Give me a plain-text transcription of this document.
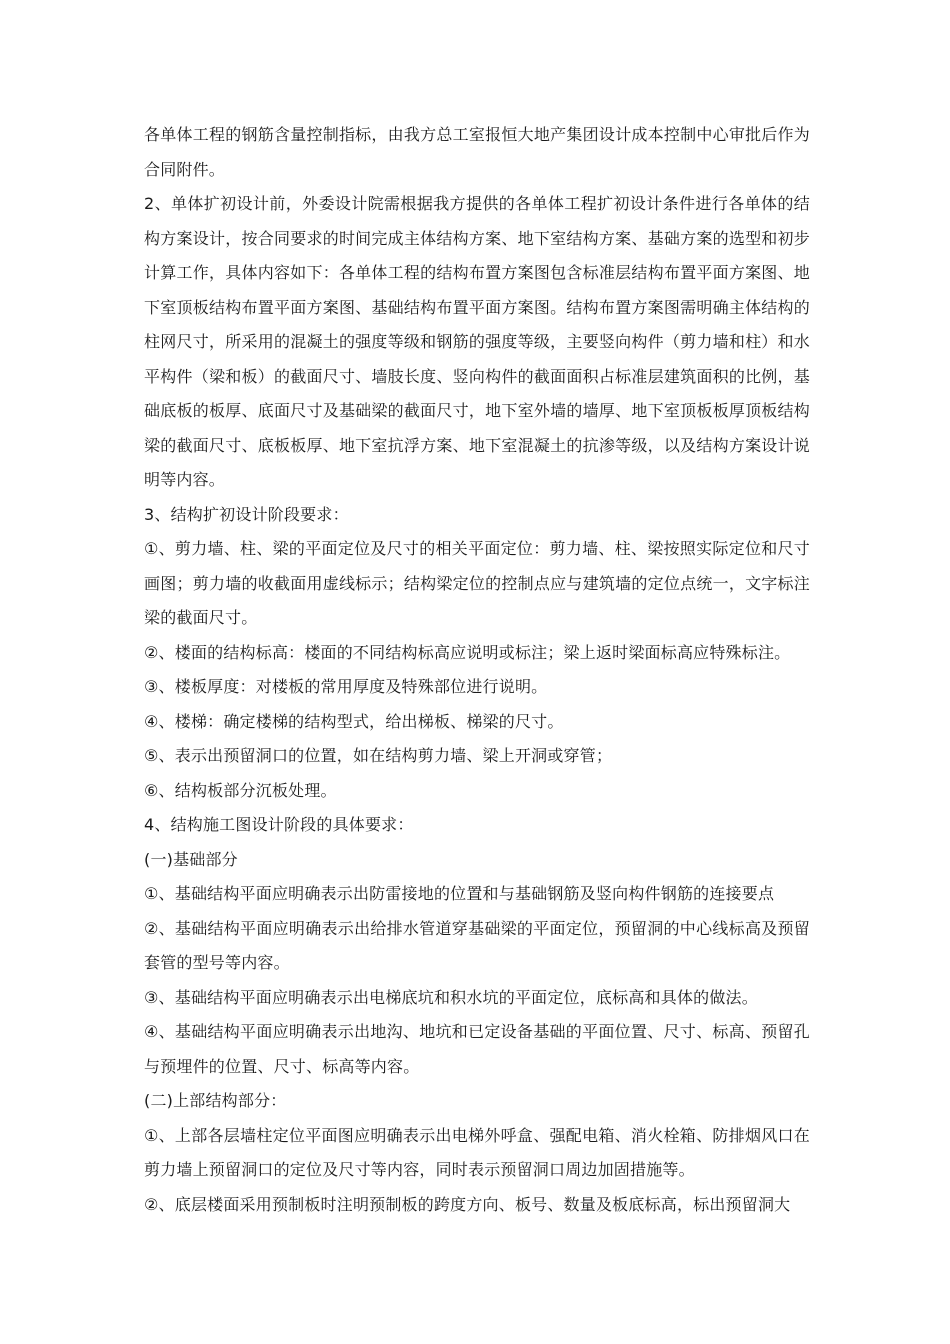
各单体工程的钢筋含量控制指标，由我方总工室报恒大地产集团设计成本控制中心审批后作为合同附件。

2、单体扩初设计前，外委设计院需根据我方提供的各单体工程扩初设计条件进行各单体的结构方案设计，按合同要求的时间完成主体结构方案、地下室结构方案、基础方案的选型和初步计算工作，具体内容如下：各单体工程的结构布置方案图包含标准层结构布置平面方案图、地下室顶板结构布置平面方案图、基础结构布置平面方案图。结构布置方案图需明确主体结构的柱网尺寸，所采用的混凝土的强度等级和钢筋的强度等级，主要竖向构件（剪力墙和柱）和水平构件（梁和板）的截面尺寸、墙肢长度、竖向构件的截面面积占标准层建筑面积的比例，基础底板的板厚、底面尺寸及基础梁的截面尺寸，地下室外墙的墙厚、地下室顶板板厚顶板结构梁的截面尺寸、底板板厚、地下室抗浮方案、地下室混凝土的抗渗等级，以及结构方案设计说明等内容。

3、结构扩初设计阶段要求：

①、剪力墙、柱、梁的平面定位及尺寸的相关平面定位：剪力墙、柱、梁按照实际定位和尺寸画图；剪力墙的收截面用虚线标示；结构梁定位的控制点应与建筑墙的定位点统一，文字标注梁的截面尺寸。

②、楼面的结构标高：楼面的不同结构标高应说明或标注；梁上返时梁面标高应特殊标注。

③、楼板厚度：对楼板的常用厚度及特殊部位进行说明。

④、楼梯：确定楼梯的结构型式，给出梯板、梯梁的尺寸。

⑤、表示出预留洞口的位置，如在结构剪力墙、梁上开洞或穿管；

⑥、结构板部分沉板处理。

4、结构施工图设计阶段的具体要求：

(一)基础部分

①、基础结构平面应明确表示出防雷接地的位置和与基础钢筋及竖向构件钢筋的连接要点

②、基础结构平面应明确表示出给排水管道穿基础梁的平面定位，预留洞的中心线标高及预留套管的型号等内容。

③、基础结构平面应明确表示出电梯底坑和积水坑的平面定位，底标高和具体的做法。

④、基础结构平面应明确表示出地沟、地坑和已定设备基础的平面位置、尺寸、标高、预留孔与预埋件的位置、尺寸、标高等内容。

(二)上部结构部分：

①、上部各层墙柱定位平面图应明确表示出电梯外呼盒、强配电箱、消火栓箱、防排烟风口在剪力墙上预留洞口的定位及尺寸等内容，同时表示预留洞口周边加固措施等。

②、底层楼面采用预制板时注明预制板的跨度方向、板号、数量及板底标高，标出预留洞大
